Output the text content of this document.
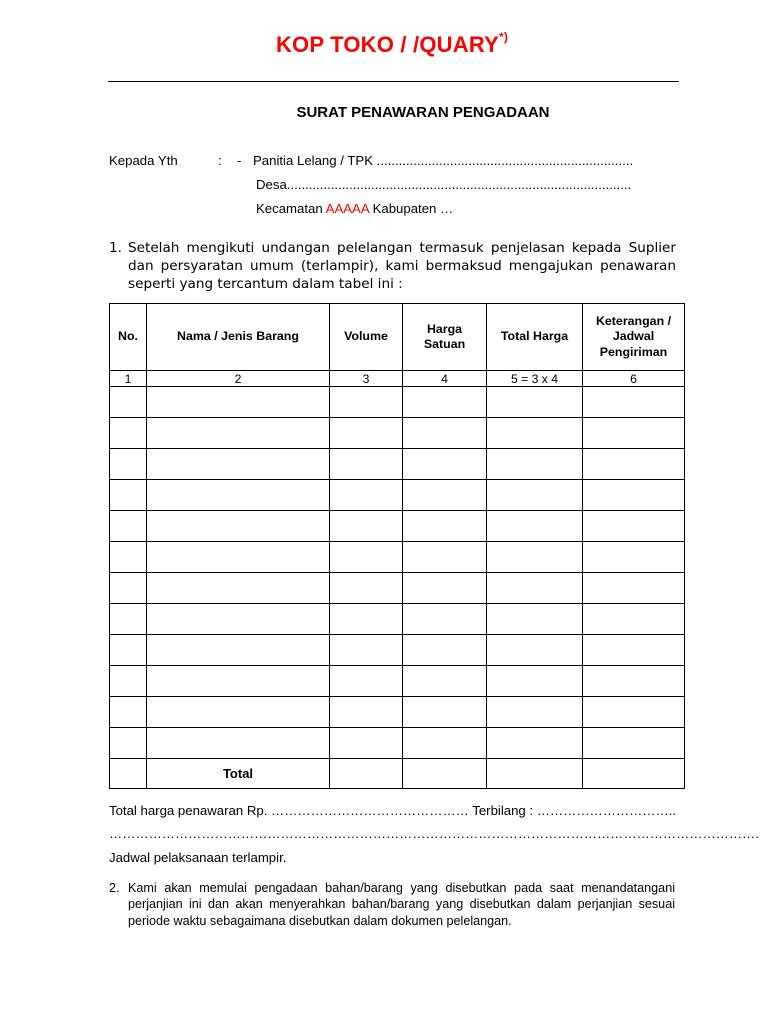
KOP TOKO / /QUARY*)
SURAT PENAWARAN PENGADAAN
Kepada Yth	: - Panitia Lelang / TPK ......................................................................
Desa..............................................................................................
Kecamatan AAAAA Kabupaten …
1. Setelah mengikuti undangan pelelangan termasuk penjelasan kepada Suplier dan persyaratan umum (terlampir), kami bermaksud mengajukan penawaran seperti yang tercantum dalam tabel ini :
No.	Nama / Jenis Barang	Volume	Harga Satuan	Total Harga	Keterangan / Jadwal Pengiriman
1	2	3	4	5 = 3 x 4	6

	Total				
Total harga penawaran Rp. ……………………………………… Terbilang : …………………………..
………………………………………………………………………………………………………………………………….
Jadwal pelaksanaan terlampir.
2. Kami akan memulai pengadaan bahan/barang yang disebutkan pada saat menandatangani perjanjian ini dan akan menyerahkan bahan/barang yang disebutkan dalam perjanjian sesuai periode waktu sebagaimana disebutkan dalam dokumen pelelangan.
